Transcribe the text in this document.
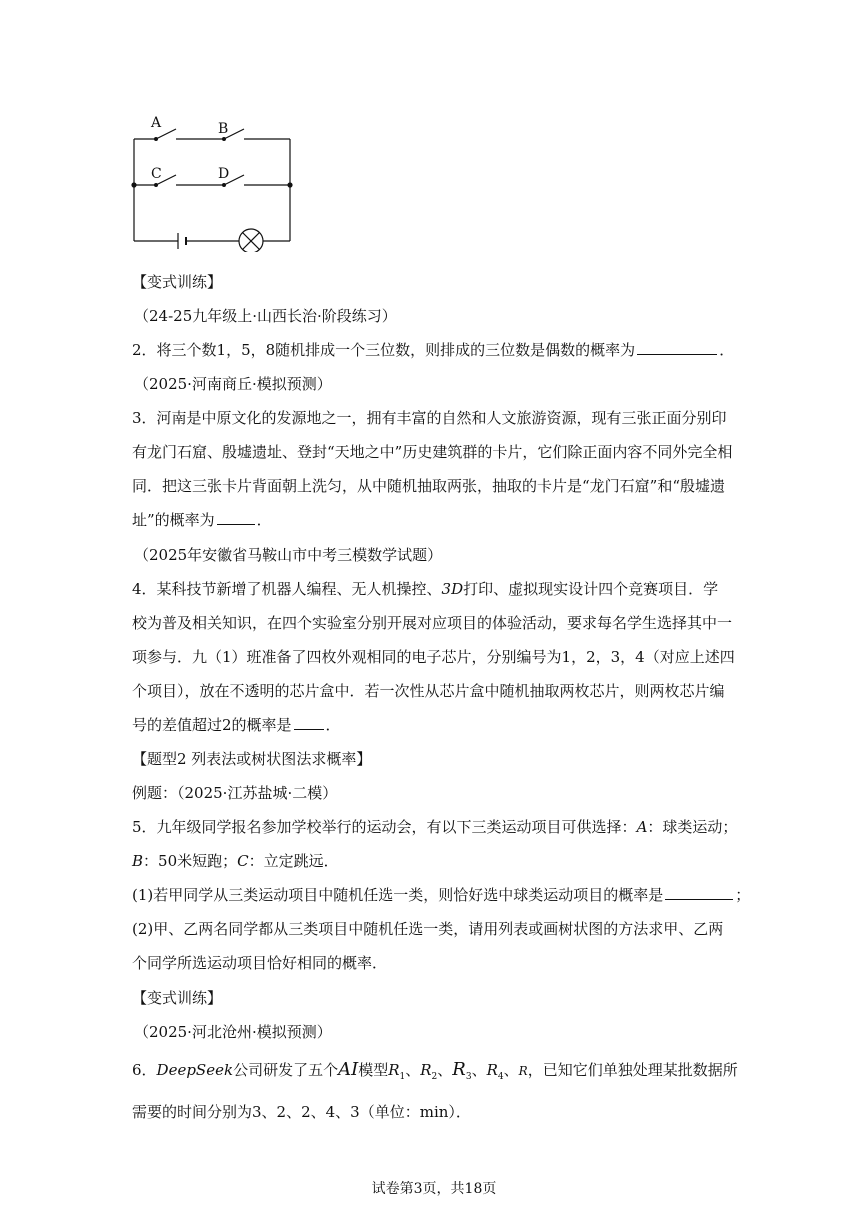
A	B
C	D
【变式训练】
（24-25九年级上·山西长治·阶段练习）
2．将三个数1，5，8随机排成一个三位数，则排成的三位数是偶数的概率为	．
（2025·河南商丘·模拟预测）
3．河南是中原文化的发源地之一，拥有丰富的自然和人文旅游资源，现有三张正面分别印
有龙门石窟、殷墟遗址、登封“天地之中”历史建筑群的卡片，它们除正面内容不同外完全相
同．把这三张卡片背面朝上洗匀，从中随机抽取两张，抽取的卡片是“龙门石窟”和“殷墟遗
址”的概率为	．
（2025年安徽省马鞍山市中考三模数学试题）
4．某科技节新增了机器人编程、无人机操控、3D打印、虚拟现实设计四个竞赛项目．学
校为普及相关知识，在四个实验室分别开展对应项目的体验活动，要求每名学生选择其中一
项参与．九（1）班准备了四枚外观相同的电子芯片，分别编号为1，2，3，4（对应上述四
个项目），放在不透明的芯片盒中．若一次性从芯片盒中随机抽取两枚芯片，则两枚芯片编
号的差值超过2的概率是 ．
【题型2 列表法或树状图法求概率】
例题：（2025·江苏盐城·二模）
5．九年级同学报名参加学校举行的运动会，有以下三类运动项目可供选择：A：球类运动；
B：50米短跑；C：立定跳远．
(1)若甲同学从三类运动项目中随机任选一类，则恰好选中球类运动项目的概率是	；
(2)甲、乙两名同学都从三类项目中随机任选一类，请用列表或画树状图的方法求甲、乙两
个同学所选运动项目恰好相同的概率．
【变式训练】
（2025·河北沧州·模拟预测）
6．DeepSeek公司研发了五个AI模型$R_1$、$R_2$、$R_3$、$R_4$、R，已知它们单独处理某批数据所
需要的时间分别为3、2、2、4、3（单位：min）．
试卷第3页，共18页
